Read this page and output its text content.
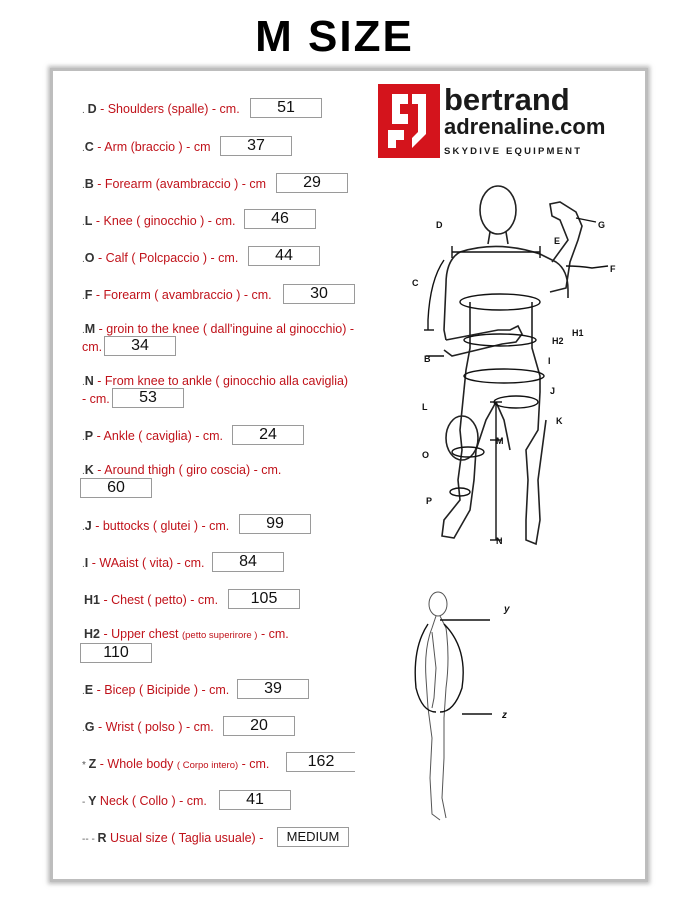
M SIZE
bertrand
adrenaline.com
SKYDIVE EQUIPMENT
. D - Shoulders (spalle) - cm.	51
.C - Arm (braccio ) - cm	37
.B - Forearm (avambraccio ) - cm	29
.L - Knee ( ginocchio ) - cm.	46
.O - Calf ( Polcpaccio ) - cm.	44
.F - Forearm ( avambraccio ) - cm.	30
.M - groin to the knee ( dall'inguine al ginocchio) -
cm.	34
.N - From knee to ankle ( ginocchio alla caviglia)
- cm.	53
.P - Ankle ( caviglia) - cm.	24
.K - Around thigh ( giro coscia) - cm.
60
.J - buttocks ( glutei ) - cm.	99
.I - WAaist ( vita) - cm.	84
H1 - Chest ( petto) - cm.	105
H2 - Upper chest (petto superirore ) - cm.
110
.E - Bicep ( Bicipide ) - cm.	39
.G - Wrist ( polso ) - cm.	20
* Z - Whole body ( Corpo intero) - cm.	162
- Y Neck ( Collo ) - cm.	41
-- - R Usual size ( Taglia usuale) -	MEDIUM
D
E
G
F
C
H1
H2
B	I
J
L
K
M
O
P
N
y
z
